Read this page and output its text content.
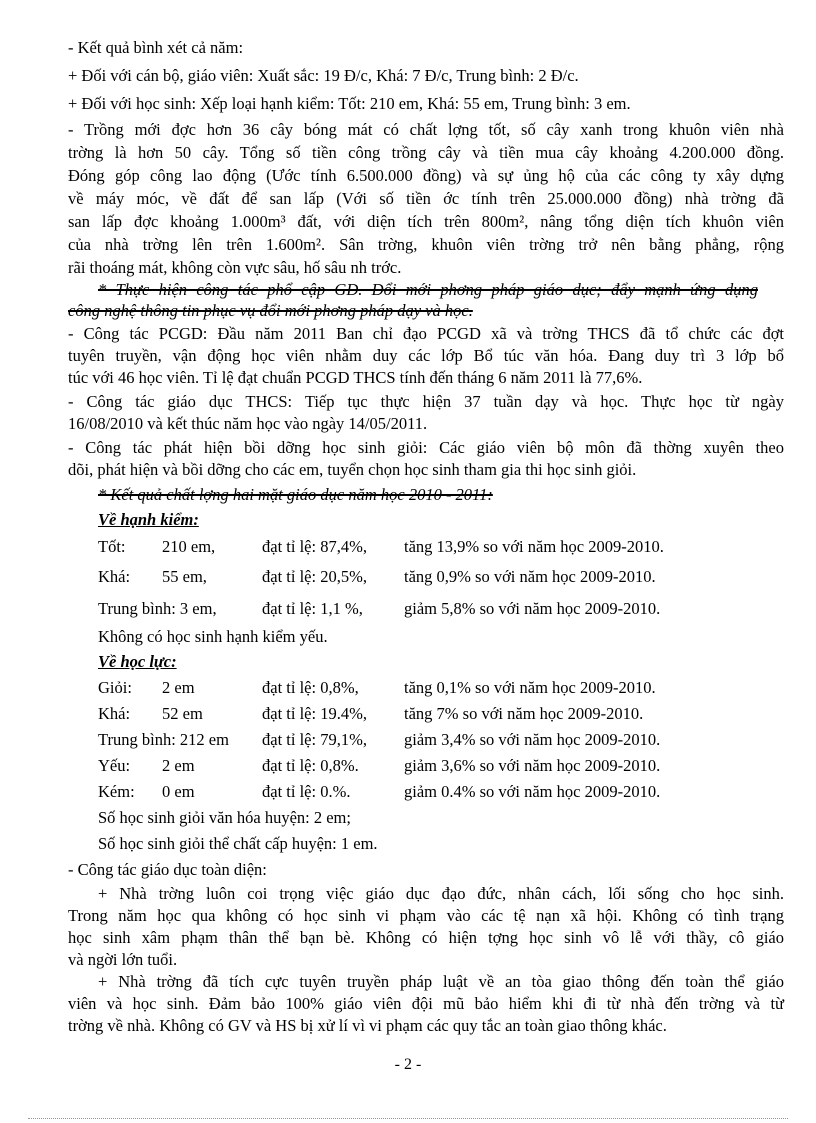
- Kết quả bình xét cả năm:
+ Đối với cán bộ, giáo viên: Xuất sắc: 19 Đ/c, Khá: 7 Đ/c, Trung bình: 2 Đ/c.
+ Đối với học sinh: Xếp loại hạnh kiểm: Tốt: 210 em, Khá: 55 em, Trung bình: 3 em.
- Trồng mới đợc hơn 36 cây bóng mát có chất lợng tốt, số cây xanh trong khuôn viên nhà
trờng là hơn 50 cây. Tổng số tiền công trồng cây và tiền mua cây khoảng 4.200.000 đồng.
Đóng góp công lao động (Ước tính 6.500.000 đồng) và sự ủng hộ của các công ty xây dựng
về máy móc, về đất để san lấp (Với số tiền ớc tính trên 25.000.000 đồng) nhà trờng đã
san lấp đợc khoảng 1.000m³ đất, với diện tích trên 800m², nâng tổng diện tích khuôn viên
của nhà trờng lên trên 1.600m². Sân trờng, khuôn viên trờng trở nên bằng phẳng, rộng
rãi thoáng mát, không còn vực sâu, hố sâu nh trớc.
* Thực hiện công tác phổ cập GD. Đổi mới phơng pháp giáo dục; đẩy mạnh ứng dụng
công nghệ thông tin phục vụ đổi mới phơng pháp dạy và học.
- Công tác PCGD: Đầu năm 2011 Ban chỉ đạo PCGD xã và trờng THCS đã tổ chức các đợt
tuyên truyền, vận động học viên nhằm duy các lớp Bổ túc văn hóa. Đang duy trì 3 lớp bổ
túc với 46 học viên. Tỉ lệ đạt chuẩn PCGD THCS tính đến tháng 6 năm 2011 là 77,6%.
- Công tác giáo dục THCS: Tiếp tục thực hiện 37 tuần dạy và học. Thực học từ ngày
16/08/2010 và kết thúc năm học vào ngày 14/05/2011.
- Công tác phát hiện bồi dỡng học sinh giỏi: Các giáo viên bộ môn đã thờng xuyên theo
dõi, phát hiện và bồi dỡng cho các em, tuyển chọn học sinh tham gia thi học sinh giỏi.
* Kết quả chất lợng hai mặt giáo dục năm học 2010 - 2011:
Về hạnh kiểm:
Tốt: 210 em,	đạt tỉ lệ: 87,4%, tăng 13,9% so với năm học 2009-2010.
Khá: 55 em,	đạt tỉ lệ: 20,5%, tăng 0,9% so với năm học 2009-2010.
Trung bình: 3 em,	đạt tỉ lệ: 1,1 %, giảm 5,8% so với năm học 2009-2010.
Không có học sinh hạnh kiểm yếu.
Về học lực:
Giỏi: 2 em	đạt tỉ lệ: 0,8%,	tăng 0,1% so với năm học 2009-2010.
Khá: 52 em	đạt tỉ lệ: 19.4%, tăng 7% so với năm học 2009-2010.
Trung bình: 212 em đạt tỉ lệ: 79,1%, giảm 3,4% so với năm học 2009-2010.
Yếu: 2 em	đạt tỉ lệ: 0,8%.	giảm 3,6% so với năm học 2009-2010.
Kém: 0 em	đạt tỉ lệ: 0.%.	giảm 0.4% so với năm học 2009-2010.
Số học sinh giỏi văn hóa huyện: 2 em;
Số học sinh giỏi thể chất cấp huyện: 1 em.
- Công tác giáo dục toàn diện:
+ Nhà trờng luôn coi trọng việc giáo dục đạo đức, nhân cách, lối sống cho học sinh.
Trong năm học qua không có học sinh vi phạm vào các tệ nạn xã hội. Không có tình trạng
học sinh xâm phạm thân thể bạn bè. Không có hiện tợng học sinh vô lễ với thầy, cô giáo
và ngời lớn tuổi.
+ Nhà trờng đã tích cực tuyên truyền pháp luật về an tòa giao thông đến toàn thể giáo
viên và học sinh. Đảm bảo 100% giáo viên đội mũ bảo hiểm khi đi từ nhà đến trờng và từ
trờng về nhà. Không có GV và HS bị xử lí vì vi phạm các quy tắc an toàn giao thông khác.
- 2 -
